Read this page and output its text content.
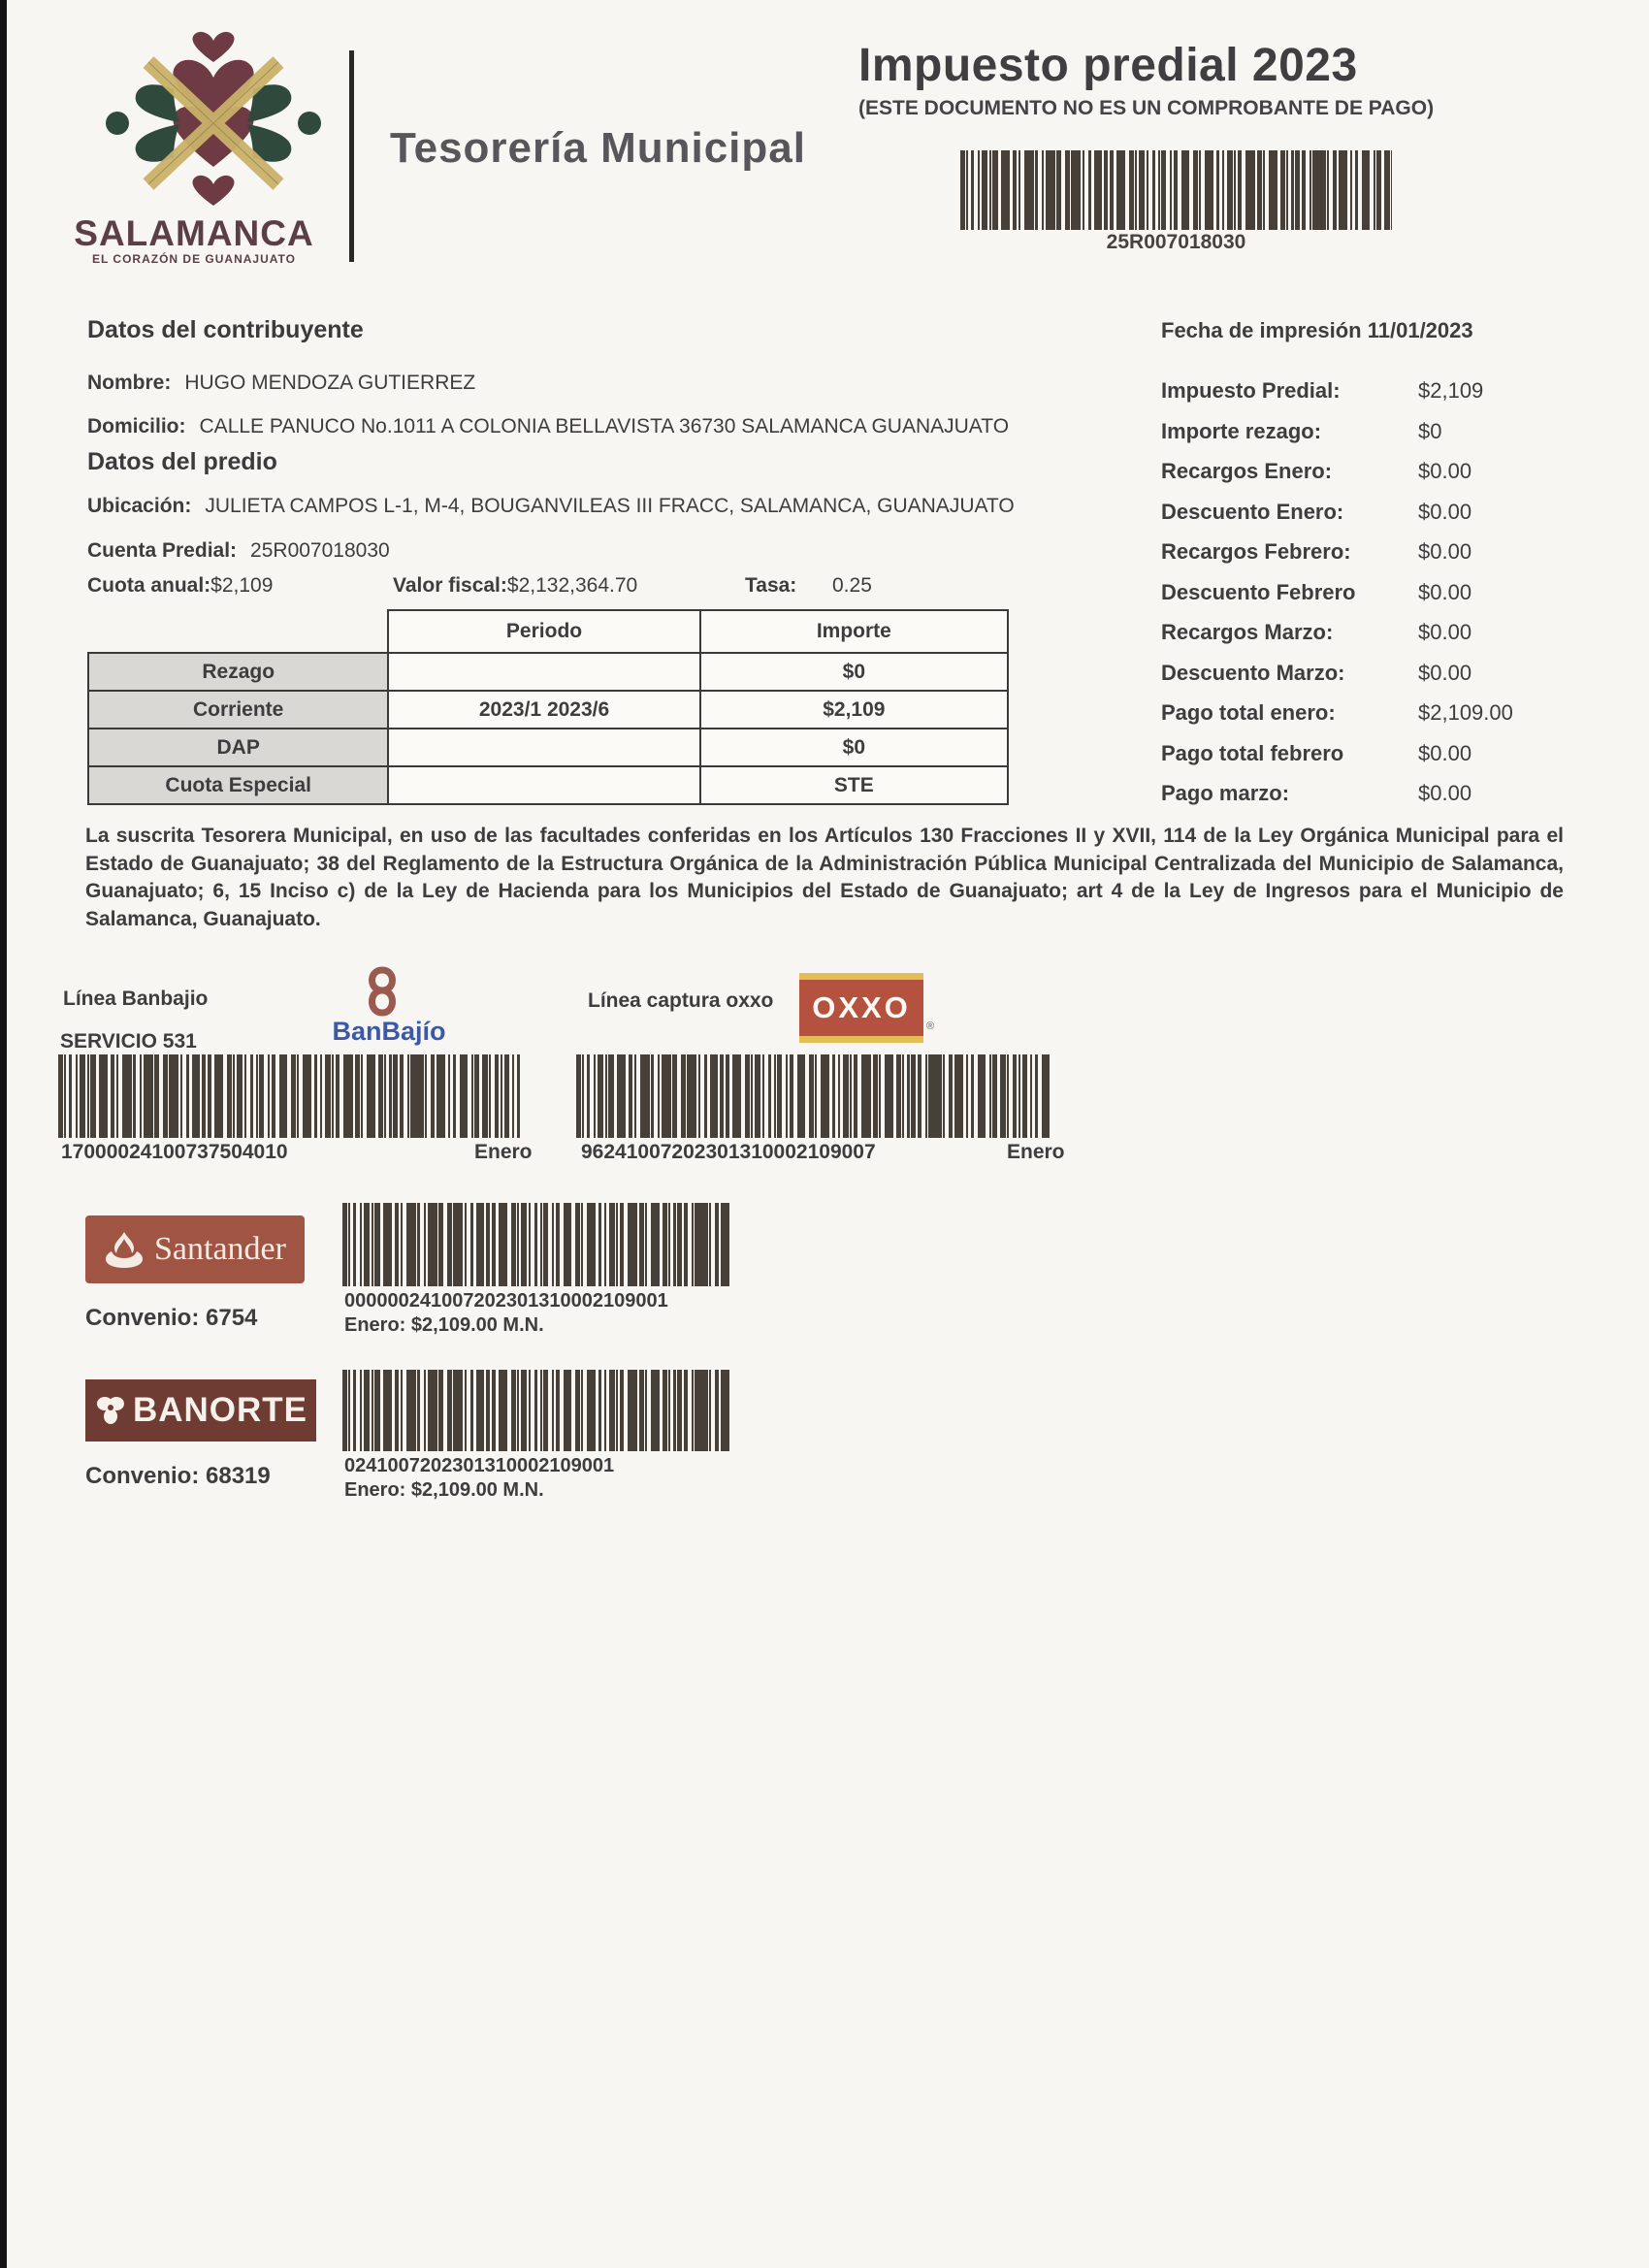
SALAMANCA
EL CORAZÓN DE GUANAJUATO
Tesorería Municipal
Impuesto predial 2023
(ESTE DOCUMENTO NO ES UN COMPROBANTE DE PAGO)
25R007018030
Datos del contribuyente	Fecha de impresión 11/01/2023
Nombre: HUGO MENDOZA GUTIERREZ
Domicilio: CALLE PANUCO No.1011 A COLONIA BELLAVISTA 36730 SALAMANCA GUANAJUATO
Datos del predio
Ubicación: JULIETA CAMPOS L-1, M-4, BOUGANVILEAS III FRACC, SALAMANCA, GUANAJUATO
Cuenta Predial: 25R007018030
Cuota anual:$2,109	Valor fiscal:$2,132,364.70	Tasa: 0.25
	Periodo	Importe
Rezago		$0
Corriente	2023/1 2023/6	$2,109
DAP		$0
Cuota Especial		STE
Impuesto Predial:	$2,109
Importe rezago:	$0
Recargos Enero:	$0.00
Descuento Enero:	$0.00
Recargos Febrero:	$0.00
Descuento Febrero	$0.00
Recargos Marzo:	$0.00
Descuento Marzo:	$0.00
Pago total enero:	$2,109.00
Pago total febrero	$0.00
Pago marzo:	$0.00
La suscrita Tesorera Municipal, en uso de las facultades conferidas en los Artículos 130 Fracciones II y XVII, 114 de la Ley Orgánica Municipal para el Estado de Guanajuato; 38 del Reglamento de la Estructura Orgánica de la Administración Pública Municipal Centralizada del Municipio de Salamanca, Guanajuato; 6, 15 Inciso c) de la Ley de Hacienda para los Municipios del Estado de Guanajuato; art 4 de la Ley de Ingresos para el Municipio de Salamanca, Guanajuato.
Línea Banbajio
SERVICIO 531	BanBajío
Línea captura oxxo OXXO
®
17000024100737504010	Enero 96241007202301310002109007	Enero
Santander
000000241007202301310002109001
Enero: $2,109.00 M.N.
Convenio: 6754
BANORTE
0241007202301310002109001
Enero: $2,109.00 M.N.
Convenio: 68319
